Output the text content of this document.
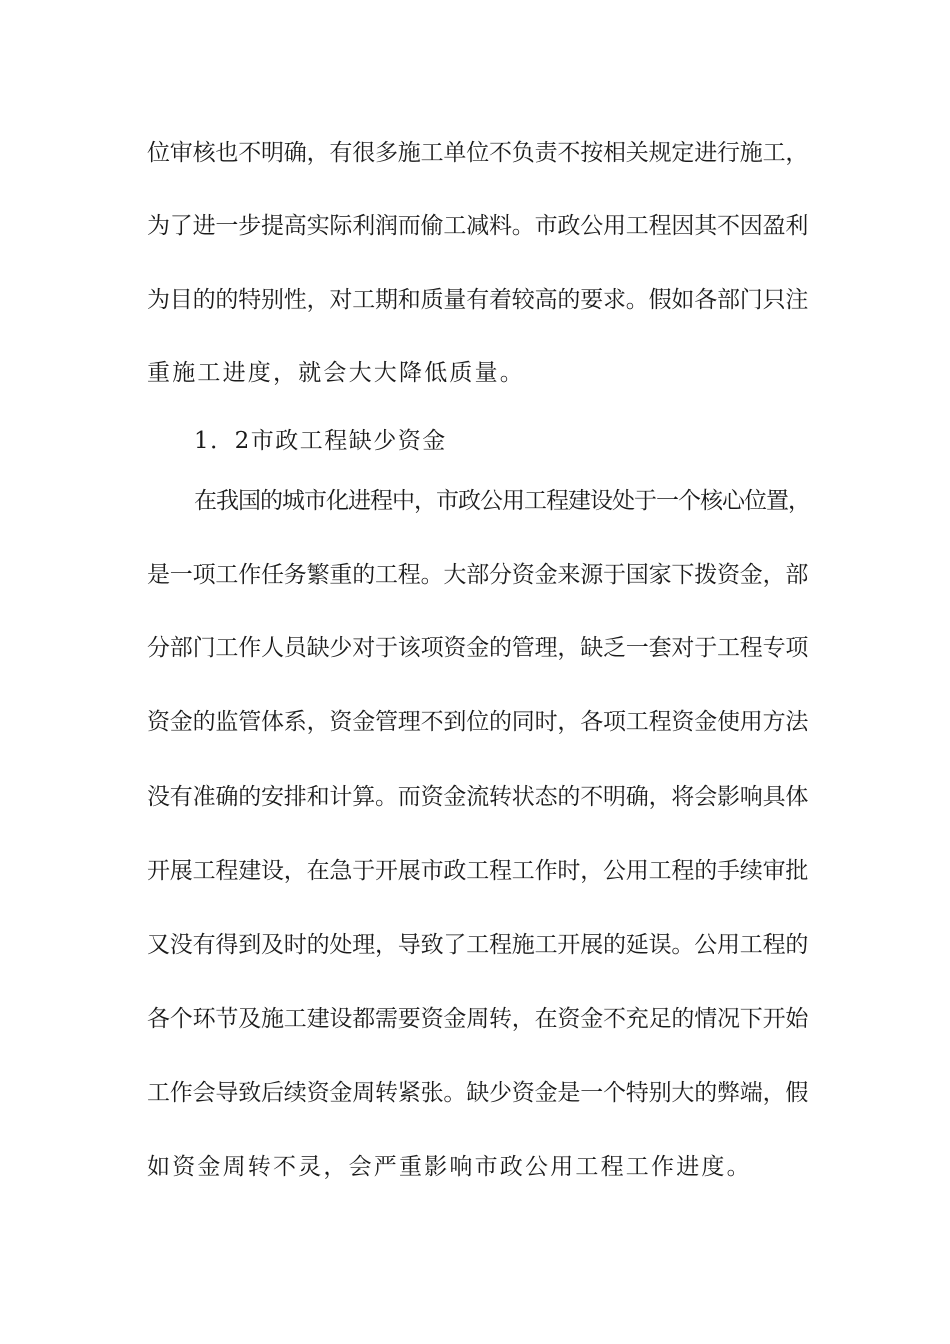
位审核也不明确，有很多施工单位不负责不按相关规定进行施工，
为了进一步提高实际利润而偷工减料。市政公用工程因其不因盈利
为目的的特别性，对工期和质量有着较高的要求。假如各部门只注
重施工进度，就会大大降低质量。
1．2市政工程缺少资金
在我国的城市化进程中，市政公用工程建设处于一个核心位置，
是一项工作任务繁重的工程。大部分资金来源于国家下拨资金，部
分部门工作人员缺少对于该项资金的管理，缺乏一套对于工程专项
资金的监管体系，资金管理不到位的同时，各项工程资金使用方法
没有准确的安排和计算。而资金流转状态的不明确，将会影响具体
开展工程建设，在急于开展市政工程工作时，公用工程的手续审批
又没有得到及时的处理，导致了工程施工开展的延误。公用工程的
各个环节及施工建设都需要资金周转，在资金不充足的情况下开始
工作会导致后续资金周转紧张。缺少资金是一个特别大的弊端，假
如资金周转不灵，会严重影响市政公用工程工作进度。
